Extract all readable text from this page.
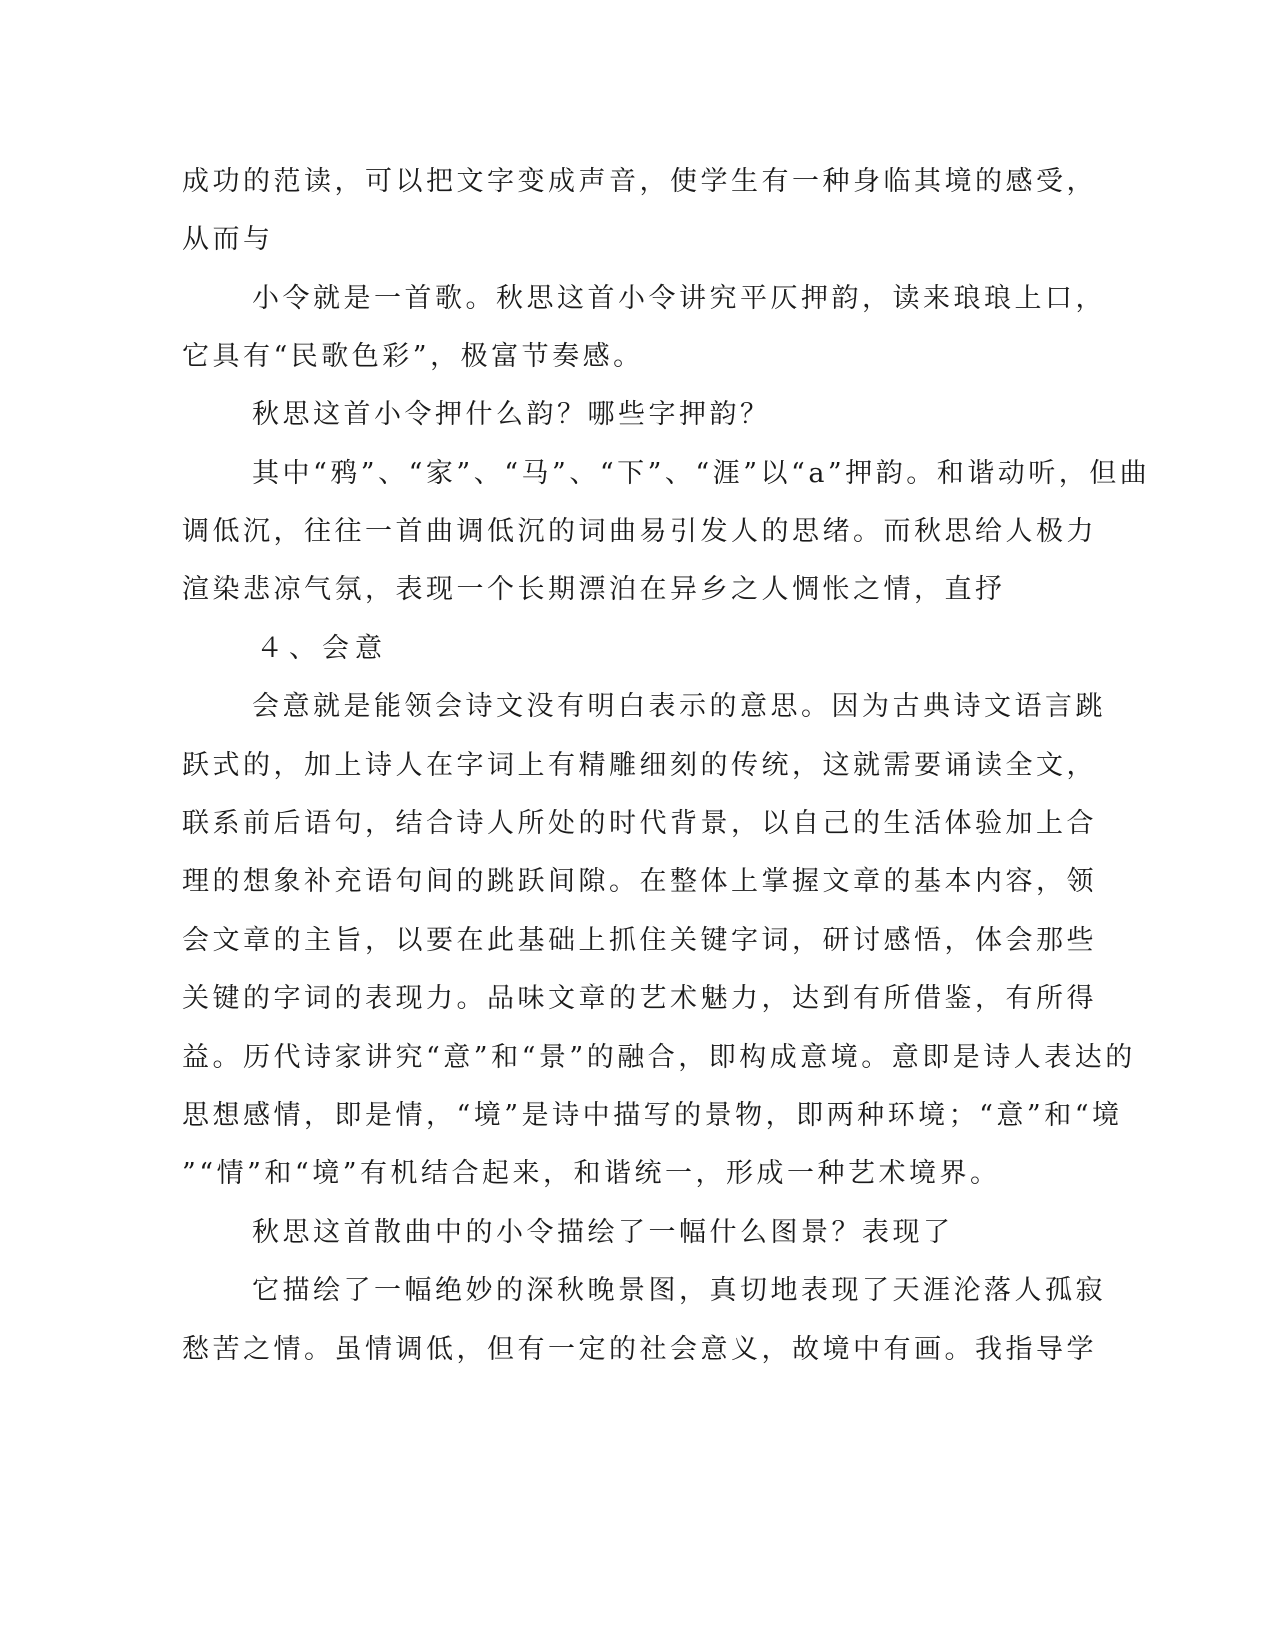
成功的范读，可以把文字变成声音，使学生有一种身临其境的感受，
从而与
小令就是一首歌。秋思这首小令讲究平仄押韵，读来琅琅上口，
它具有“民歌色彩”，极富节奏感。
秋思这首小令押什么韵？哪些字押韵？
其中“鸦”、“家”、“马”、“下”、“涯”以“a”押韵。和谐动听，但曲
调低沉，往往一首曲调低沉的词曲易引发人的思绪。而秋思给人极力
渲染悲凉气氛，表现一个长期漂泊在异乡之人惆怅之情，直抒
４、会意
会意就是能领会诗文没有明白表示的意思。因为古典诗文语言跳
跃式的，加上诗人在字词上有精雕细刻的传统，这就需要诵读全文，
联系前后语句，结合诗人所处的时代背景，以自己的生活体验加上合
理的想象补充语句间的跳跃间隙。在整体上掌握文章的基本内容，领
会文章的主旨，以要在此基础上抓住关键字词，研讨感悟，体会那些
关键的字词的表现力。品味文章的艺术魅力，达到有所借鉴，有所得
益。历代诗家讲究“意”和“景”的融合，即构成意境。意即是诗人表达的
思想感情，即是情，“境”是诗中描写的景物，即两种环境；“意”和“境
”“情”和“境”有机结合起来，和谐统一，形成一种艺术境界。
秋思这首散曲中的小令描绘了一幅什么图景？表现了
它描绘了一幅绝妙的深秋晚景图，真切地表现了天涯沦落人孤寂
愁苦之情。虽情调低，但有一定的社会意义，故境中有画。我指导学
